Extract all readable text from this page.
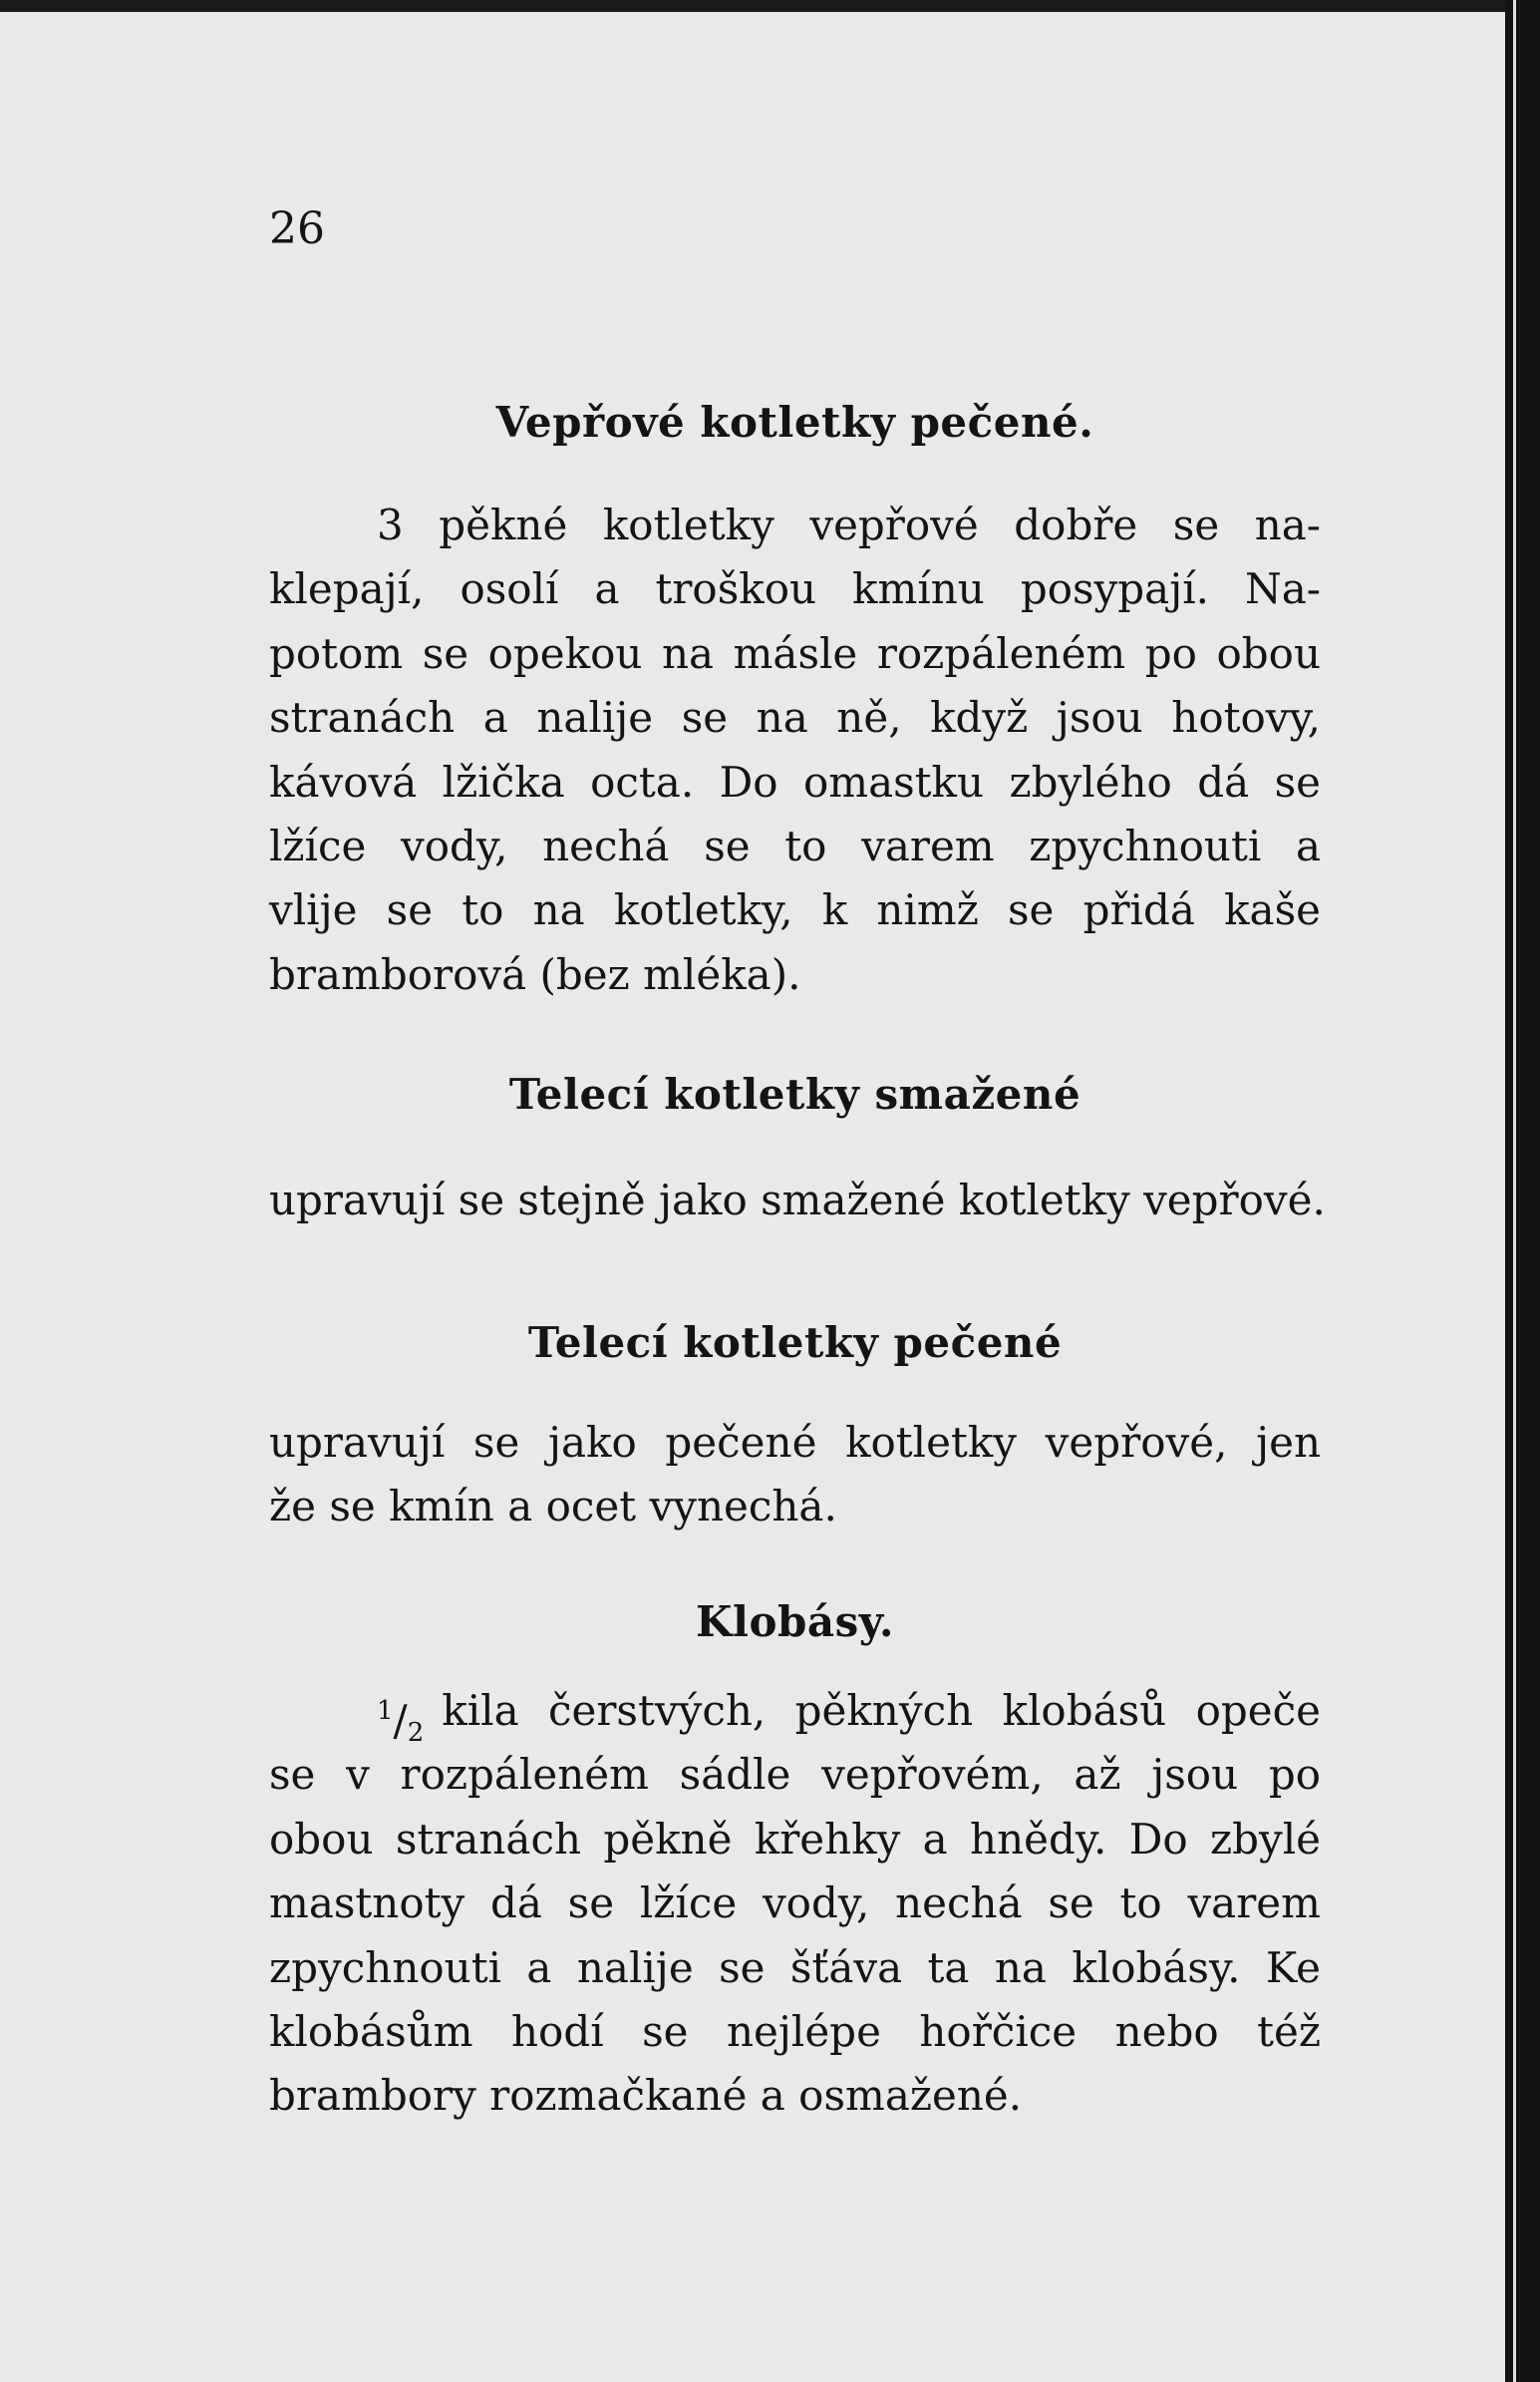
26
Vepřové kotletky pečené.
3 pěkné kotletky vepřové dobře se na-
klepají, osolí a troškou kmínu posypají. Na-
potom se opekou na másle rozpáleném po obou
stranách a nalije se na ně, když jsou hotovy,
kávová lžička octa. Do omastku zbylého dá se
lžíce vody, nechá se to varem zpychnouti a
vlije se to na kotletky, k nimž se přidá kaše
bramborová (bez mléka).
Telecí kotletky smažené
upravují se stejně jako smažené kotletky vepřové.
Telecí kotletky pečené
upravují se jako pečené kotletky vepřové, jen
že se kmín a ocet vynechá.
Klobásy.
$^1$/2 kila čerstvých, pěkných klobásů opeče
se v rozpáleném sádle vepřovém, až jsou po
obou stranách pěkně křehky a hnědy. Do zbylé
mastnoty dá se lžíce vody, nechá se to varem
zpychnouti a nalije se šťáva ta na klobásy. Ke
klobásům hodí se nejlépe hořčice nebo též
brambory rozmačkané a osmažené.
